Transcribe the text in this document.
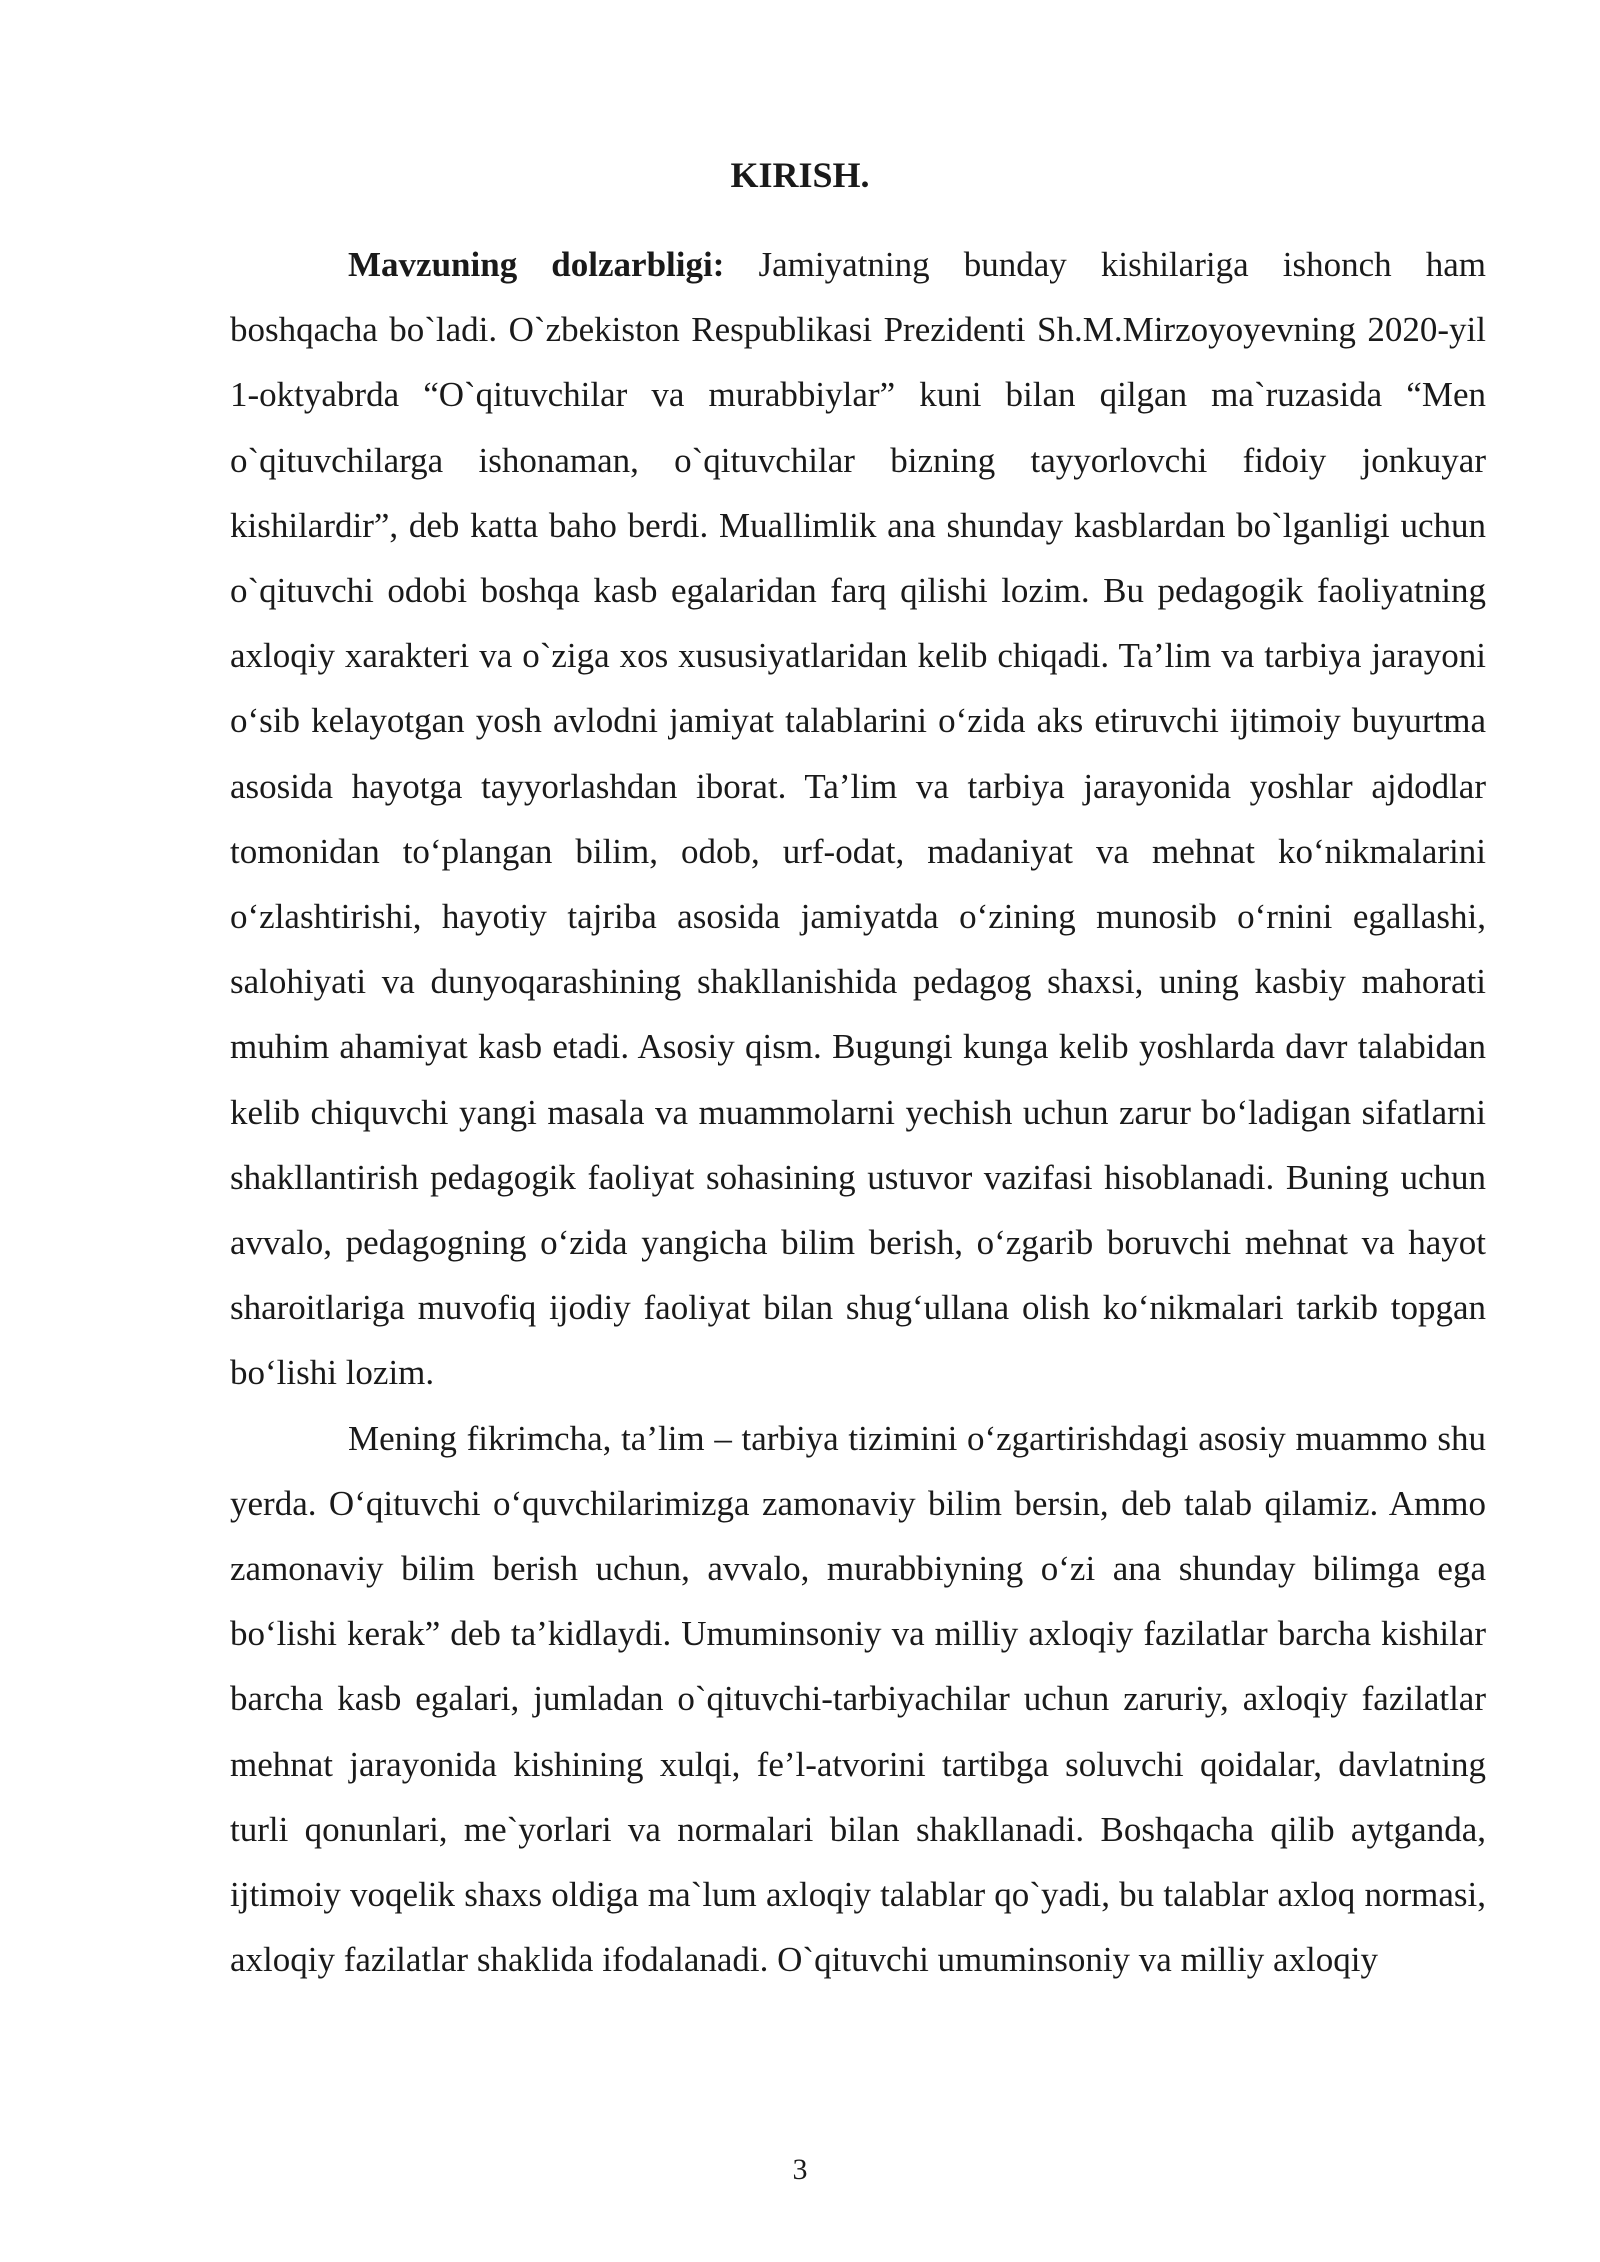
KIRISH.

Mavzuning dolzarbligi: Jamiyatning bunday kishilariga ishonch ham boshqacha bo`ladi. O`zbekiston Respublikasi Prezidenti Sh.M.Mirzoyoyevning 2020-yil 1-oktyabrda “O`qituvchilar va murabbiylar” kuni bilan qilgan ma`ruzasida “Men o`qituvchilarga ishonaman, o`qituvchilar bizning tayyorlovchi fidoiy jonkuyar kishilardir”, deb katta baho berdi. Muallimlik ana shunday kasblardan bo`lganligi uchun o`qituvchi odobi boshqa kasb egalaridan farq qilishi lozim. Bu pedagogik faoliyatning axloqiy xarakteri va o`ziga xos xususiyatlaridan kelib chiqadi. Ta’lim va tarbiya jarayoni o‘sib kelayotgan yosh avlodni jamiyat talablarini o‘zida aks etiruvchi ijtimoiy buyurtma asosida hayotga tayyorlashdan iborat. Ta’lim va tarbiya jarayonida yoshlar ajdodlar tomonidan to‘plangan bilim, odob, urf-odat, madaniyat va mehnat ko‘nikmalarini o‘zlashtirishi, hayotiy tajriba asosida jamiyatda o‘zining munosib o‘rnini egallashi, salohiyati va dunyoqarashining shakllanishida pedagog shaxsi, uning kasbiy mahorati muhim ahamiyat kasb etadi. Asosiy qism. Bugungi kunga kelib yoshlarda davr talabidan kelib chiquvchi yangi masala va muammolarni yechish uchun zarur bo‘ladigan sifatlarni shakllantirish pedagogik faoliyat sohasining ustuvor vazifasi hisoblanadi. Buning uchun avvalo, pedagogning o‘zida yangicha bilim berish, o‘zgarib boruvchi mehnat va hayot sharoitlariga muvofiq ijodiy faoliyat bilan shug‘ullana olish ko‘nikmalari tarkib topgan bo‘lishi lozim.

Mening fikrimcha, ta’lim – tarbiya tizimini o‘zgartirishdagi asosiy muammo shu yerda. O‘qituvchi o‘quvchilarimizga zamonaviy bilim bersin, deb talab qilamiz. Ammo zamonaviy bilim berish uchun, avvalo, murabbiyning o‘zi ana shunday bilimga ega bo‘lishi kerak” deb ta’kidlaydi. Umuminsoniy va milliy axloqiy fazilatlar barcha kishilar barcha kasb egalari, jumladan o`qituvchi-tarbiyachilar uchun zaruriy, axloqiy fazilatlar mehnat jarayonida kishining xulqi, fe’l-atvorini tartibga soluvchi qoidalar, davlatning turli qonunlari, me`yorlari va normalari bilan shakllanadi. Boshqacha qilib aytganda, ijtimoiy voqelik shaxs oldiga ma`lum axloqiy talablar qo`yadi, bu talablar axloq normasi, axloqiy fazilatlar shaklida ifodalanadi. O`qituvchi umuminsoniy va milliy axloqiy

3
